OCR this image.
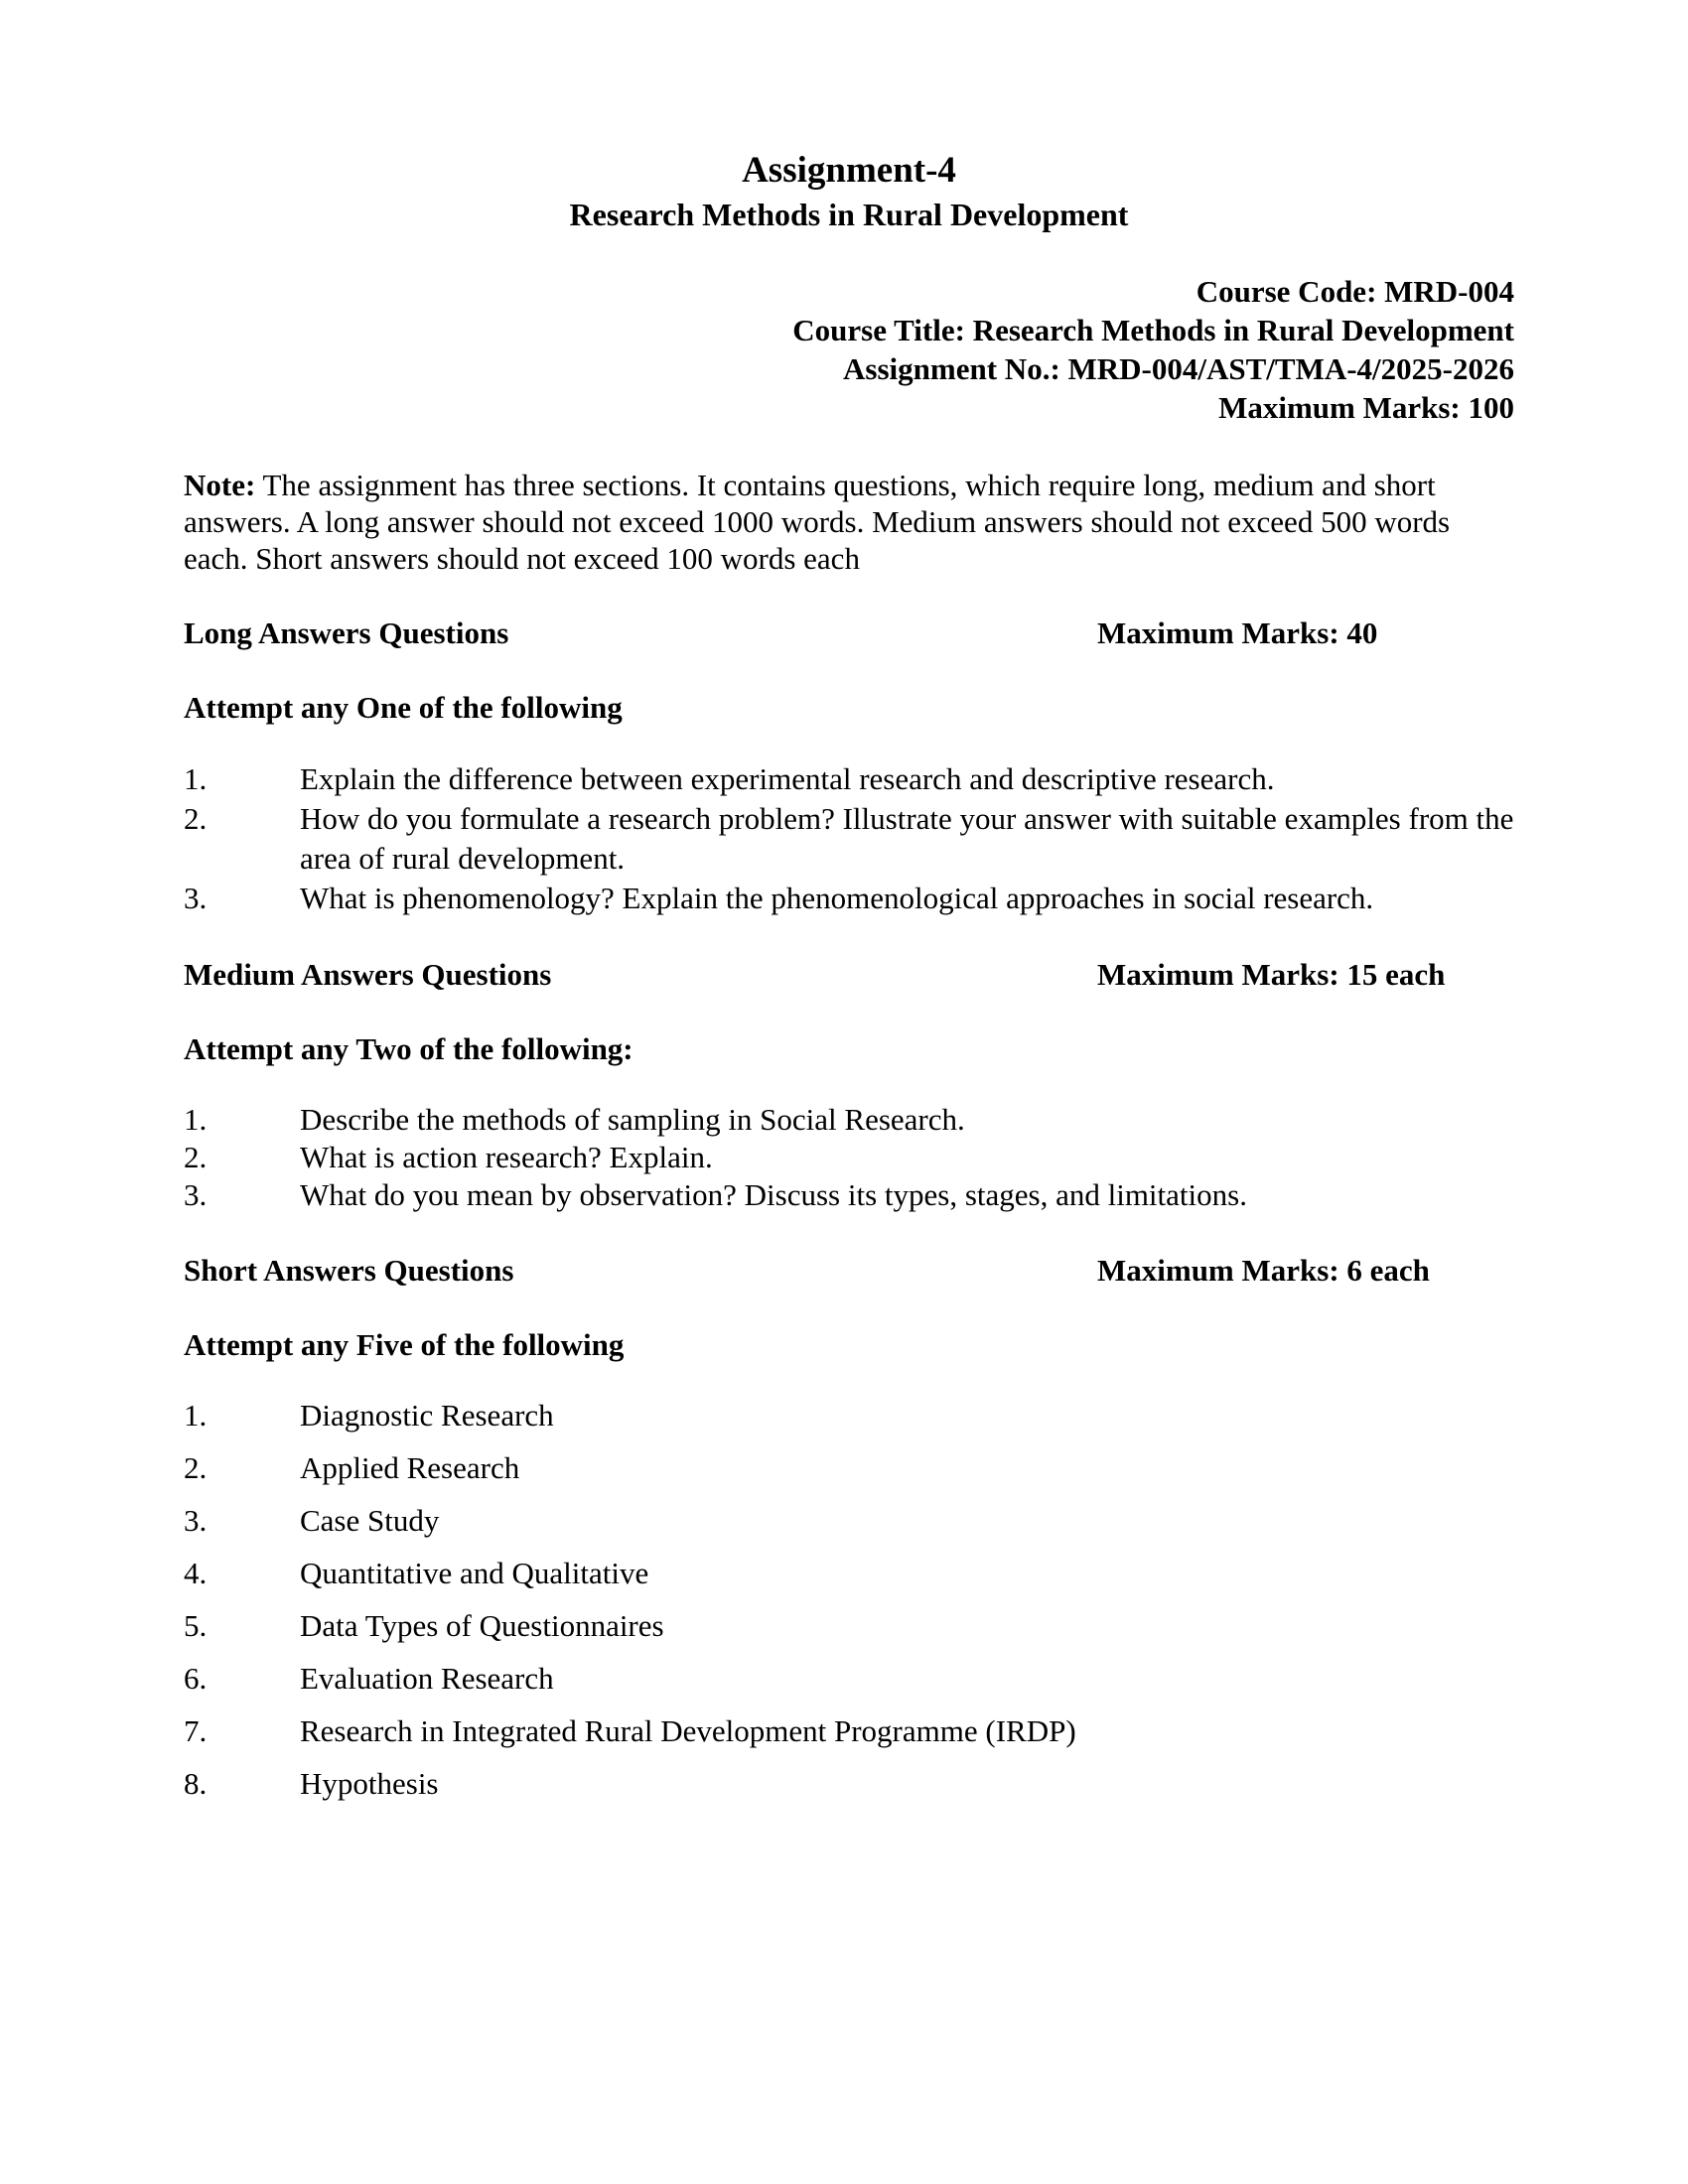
Assignment-4
Research Methods in Rural Development
Course Code: MRD-004
Course Title: Research Methods in Rural Development
Assignment No.: MRD-004/AST/TMA-4/2025-2026
Maximum Marks: 100

Note: The assignment has three sections. It contains questions, which require long, medium and short answers. A long answer should not exceed 1000 words. Medium answers should not exceed 500 words each. Short answers should not exceed 100 words each

Long Answers Questions	Maximum Marks: 40

Attempt any One of the following

1.	Explain the difference between experimental research and descriptive research.
2.	How do you formulate a research problem? Illustrate your answer with suitable examples from the area of rural development.
3.	What is phenomenology? Explain the phenomenological approaches in social research.
Medium Answers Questions	Maximum Marks: 15 each

Attempt any Two of the following:

1.	Describe the methods of sampling in Social Research.
2.	What is action research? Explain.
3.	What do you mean by observation? Discuss its types, stages, and limitations.
Short Answers Questions	Maximum Marks: 6 each

Attempt any Five of the following

1.	Diagnostic Research
2.	Applied Research
3.	Case Study
4.	Quantitative and Qualitative
5.	Data Types of Questionnaires
6.	Evaluation Research
7.	Research in Integrated Rural Development Programme (IRDP)
8.	Hypothesis
